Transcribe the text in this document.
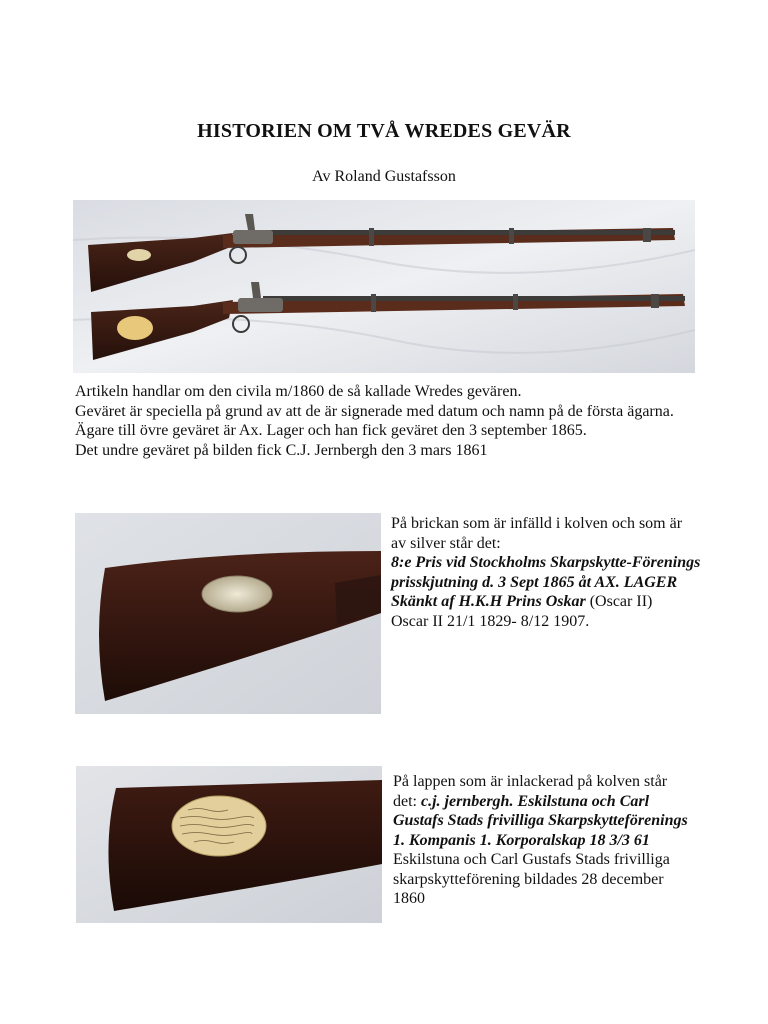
HISTORIEN OM TVÅ WREDES GEVÄR
Av Roland Gustafsson

Artikeln handlar om den civila m/1860 de så kallade Wredes gevären.

Geväret är speciella på grund av att de är signerade med datum och namn på de första ägarna. Ägare till övre geväret är Ax. Lager och han fick geväret den 3 september 1865.

Det undre geväret på bilden fick C.J. Jernbergh den 3 mars 1861

På brickan som är infälld i kolven och som är av silver står det:

8:e Pris vid Stockholms Skarpskytte-Förenings prisskjutning d. 3 Sept 1865 åt AX. LAGER

Skänkt af H.K.H Prins Oskar (Oscar II)

Oscar II 21/1 1829- 8/12 1907.

På lappen som är inlackerad på kolven står det: c.j. jernbergh. Eskilstuna och Carl Gustafs Stads frivilliga Skarpskytteförenings 1. Kompanis 1. Korporalskap 18 3/3 61

Eskilstuna och Carl Gustafs Stads frivilliga skarpskytteförening bildades 28 december 1860
